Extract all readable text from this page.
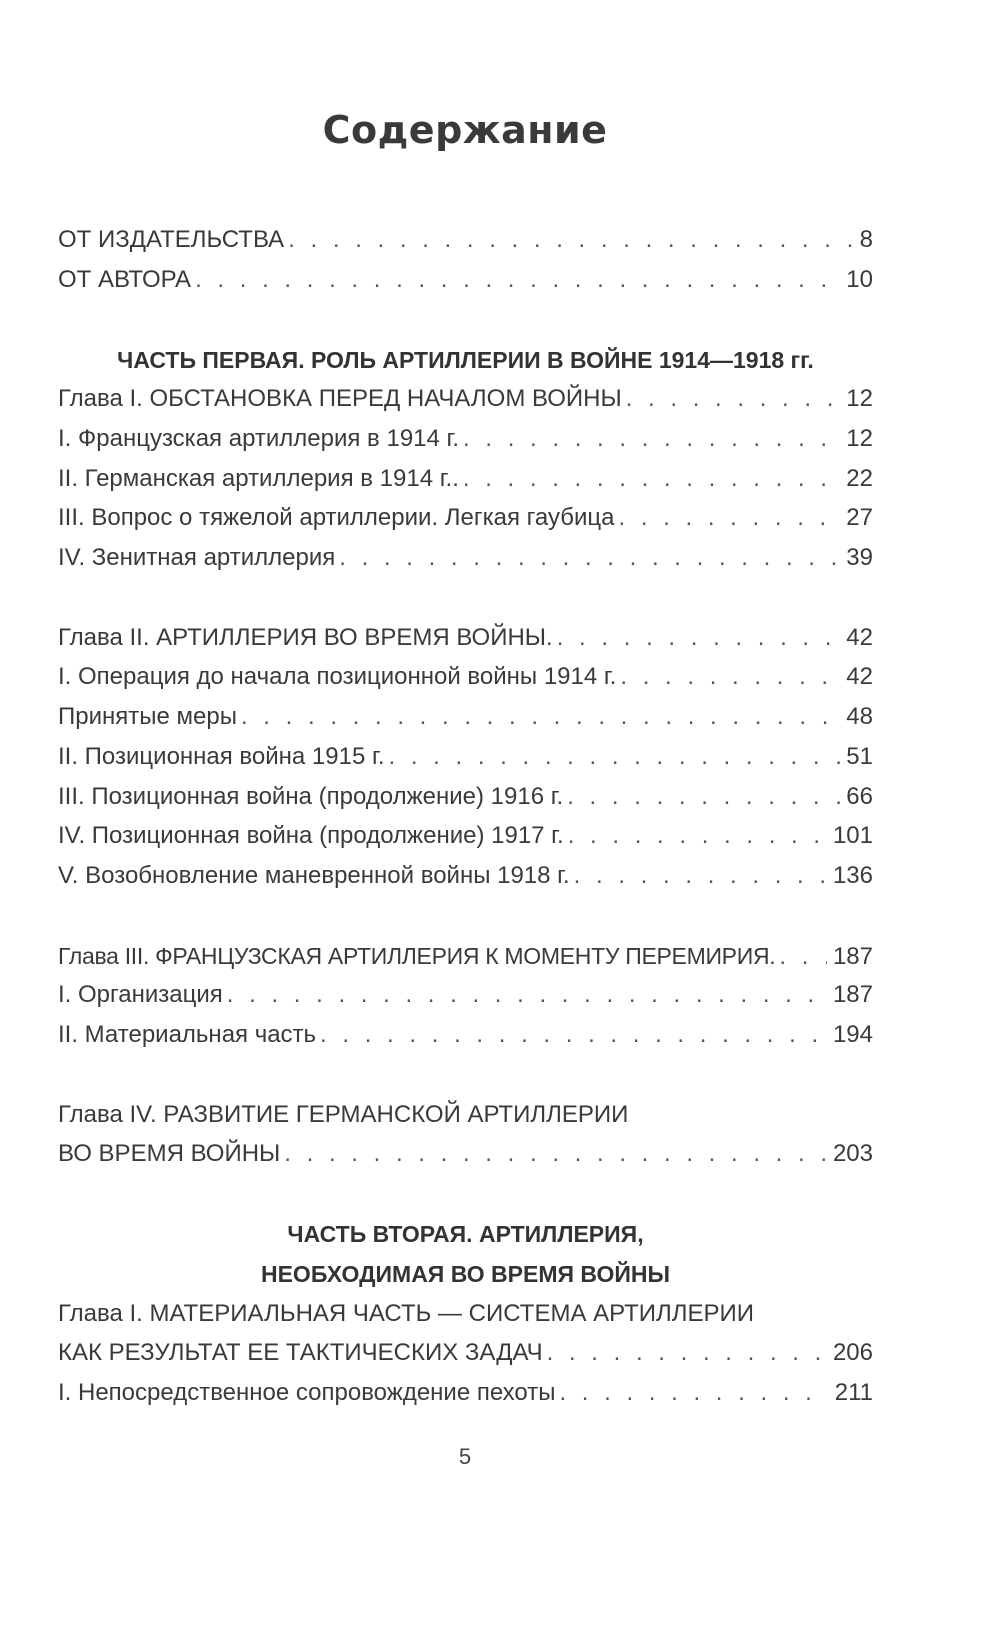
Содержание
ОТ ИЗДАТЕЛЬСТВА . . .	8
ОТ АВТОРА . . .	10
ЧАСТЬ ПЕРВАЯ. РОЛЬ АРТИЛЛЕРИИ В ВОЙНЕ 1914—1918 гг.
Глава I. ОБСТАНОВКА ПЕРЕД НАЧАЛОМ ВОЙНЫ . . .	12
I. Французская артиллерия в 1914 г. . . .	12
II. Германская артиллерия в 1914 г.. . . .	22
III. Вопрос о тяжелой артиллерии. Легкая гаубица . . .	27
IV. Зенитная артиллерия . . .	39
Глава II. АРТИЛЛЕРИЯ ВО ВРЕМЯ ВОЙНЫ. . . .	42
I. Операция до начала позиционной войны 1914 г. . . .	42
Принятые меры . . .	48
II. Позиционная война 1915 г. . . .	51
III. Позиционная война (продолжение) 1916 г. . . .	66
IV. Позиционная война (продолжение) 1917 г. . . .	101
V. Возобновление маневренной войны 1918 г. . . .	136
Глава III. ФРАНЦУЗСКАЯ АРТИЛЛЕРИЯ К МОМЕНТУ ПЕРЕМИРИЯ. . . . 187
I. Организация . . .	187
II. Материальная часть . . .	194
Глава IV. РАЗВИТИЕ ГЕРМАНСКОЙ АРТИЛЛЕРИИ
ВО ВРЕМЯ ВОЙНЫ . . .	203
ЧАСТЬ ВТОРАЯ. АРТИЛЛЕРИЯ,
НЕОБХОДИМАЯ ВО ВРЕМЯ ВОЙНЫ
Глава I. МАТЕРИАЛЬНАЯ ЧАСТЬ — СИСТЕМА АРТИЛЛЕРИИ
КАК РЕЗУЛЬТАТ ЕЕ ТАКТИЧЕСКИХ ЗАДАЧ . . .	206
I. Непосредственное сопровождение пехоты . . .	211
5
